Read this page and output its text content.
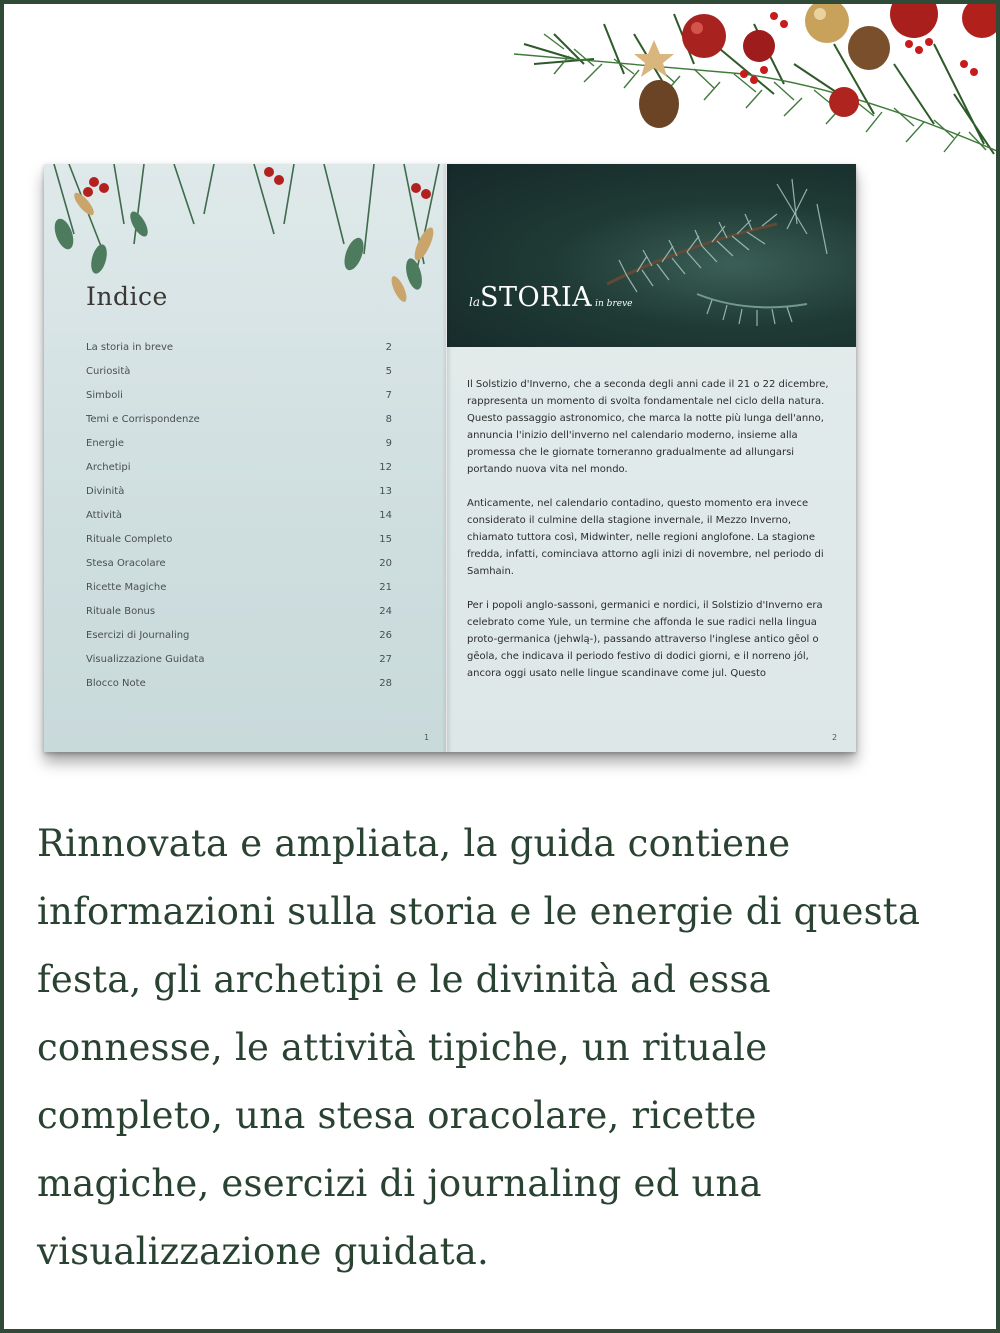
Indice
La storia in breve	2
Curiosità	5
Simboli	7
Temi e Corrispondenze	8
Energie	9
Archetipi	12
Divinità	13
Attività	14
Rituale Completo	15
Stesa Oracolare	20
Ricette Magiche	21
Rituale Bonus	24
Esercizi di Journaling	26
Visualizzazione Guidata	27
Blocco Note	28
1
laSTORIA in breve

Il Solstizio d'Inverno, che a seconda degli anni cade il 21 o 22 dicembre, rappresenta un momento di svolta fondamentale nel ciclo della natura. Questo passaggio astronomico, che marca la notte più lunga dell'anno, annuncia l'inizio dell'inverno nel calendario moderno, insieme alla promessa che le giornate torneranno gradualmente ad allungarsi portando nuova vita nel mondo.

Anticamente, nel calendario contadino, questo momento era invece considerato il culmine della stagione invernale, il Mezzo Inverno, chiamato tuttora così, Midwinter, nelle regioni anglofone. La stagione fredda, infatti, cominciava attorno agli inizi di novembre, nel periodo di Samhain.

Per i popoli anglo-sassoni, germanici e nordici, il Solstizio d'Inverno era celebrato come Yule, un termine che affonda le sue radici nella lingua proto-germanica (jehwlą-), passando attraverso l'inglese antico gēol o gēola, che indicava il periodo festivo di dodici giorni, e il norreno jól, ancora oggi usato nelle lingue scandinave come jul. Questo

2
Rinnovata e ampliata, la guida contiene informazioni sulla storia e le energie di questa festa, gli archetipi e le divinità ad essa connesse, le attività tipiche, un rituale completo, una stesa oracolare, ricette magiche, esercizi di journaling ed una visualizzazione guidata.
